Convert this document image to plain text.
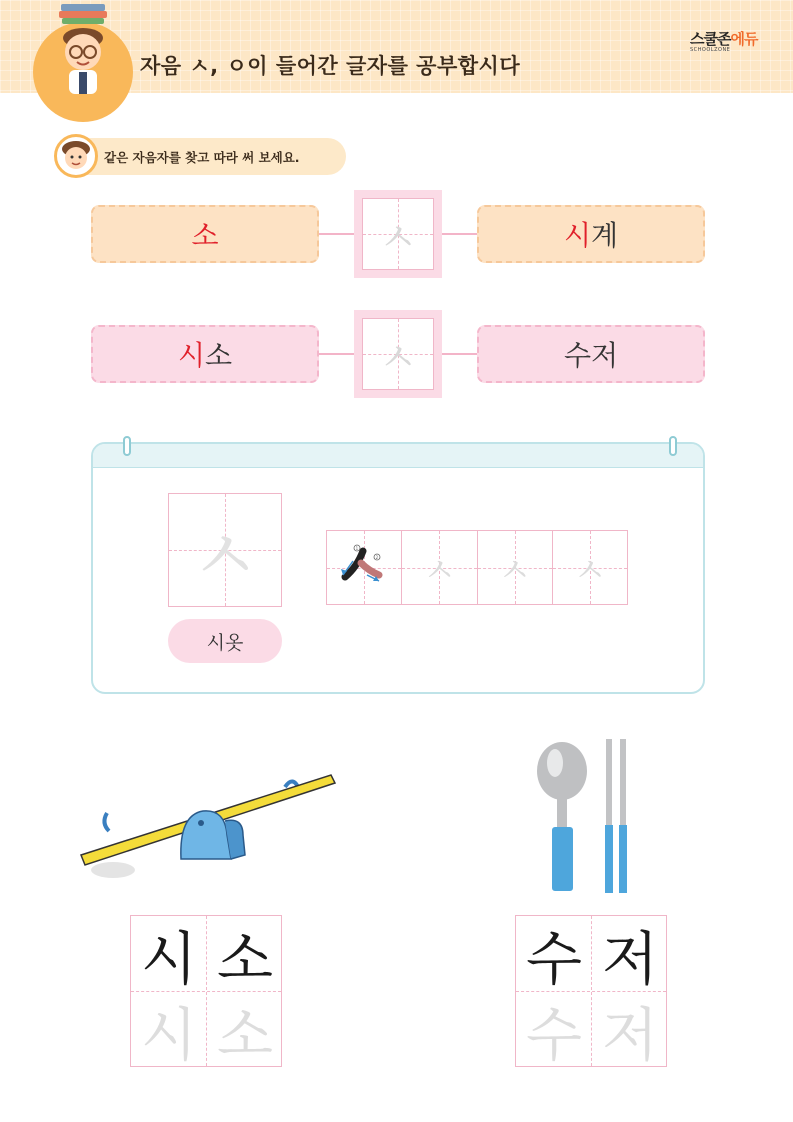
자음 ㅅ, ㅇ이 들어간 글자를 공부합시다
스쿨존에듀
SCHOOLZONE
같은 자음자를 찾고 따라 써 보세요.
소	ㅅ	시 계
시 소	ㅅ	수 저
ㅅ
시옷
1
2	ㅅ	ㅅ	ㅅ
시 소
시 소
수 저
수 저
